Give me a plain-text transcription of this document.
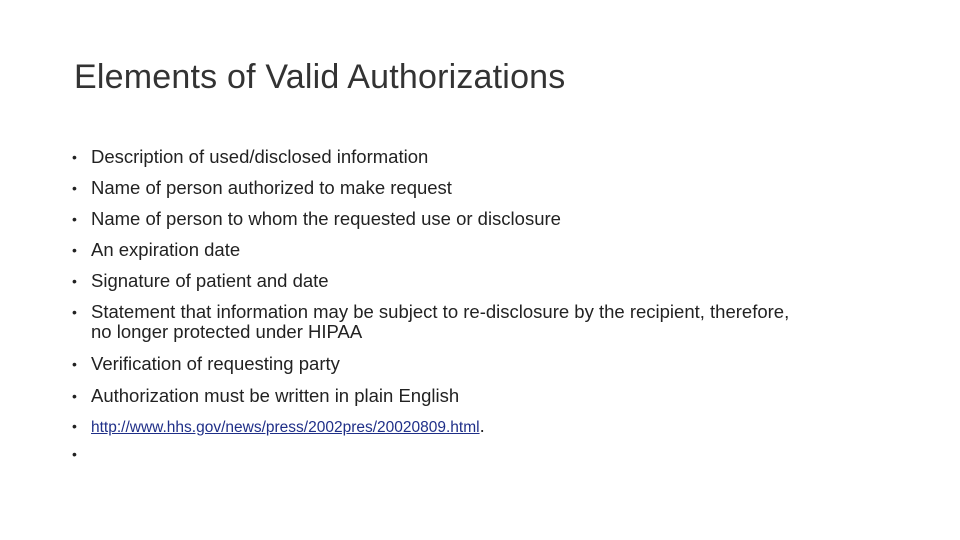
Elements of Valid Authorizations
• Description of used/disclosed information
• Name of person authorized to make request
• Name of person to whom the requested use or disclosure
• An expiration date
• Signature of patient and date
• Statement that information may be subject to re-disclosure by the recipient, therefore,
no longer protected under HIPAA
• Verification of requesting party
• Authorization must be written in plain English
• http://www.hhs.gov/news/press/2002pres/20020809.html.
•
